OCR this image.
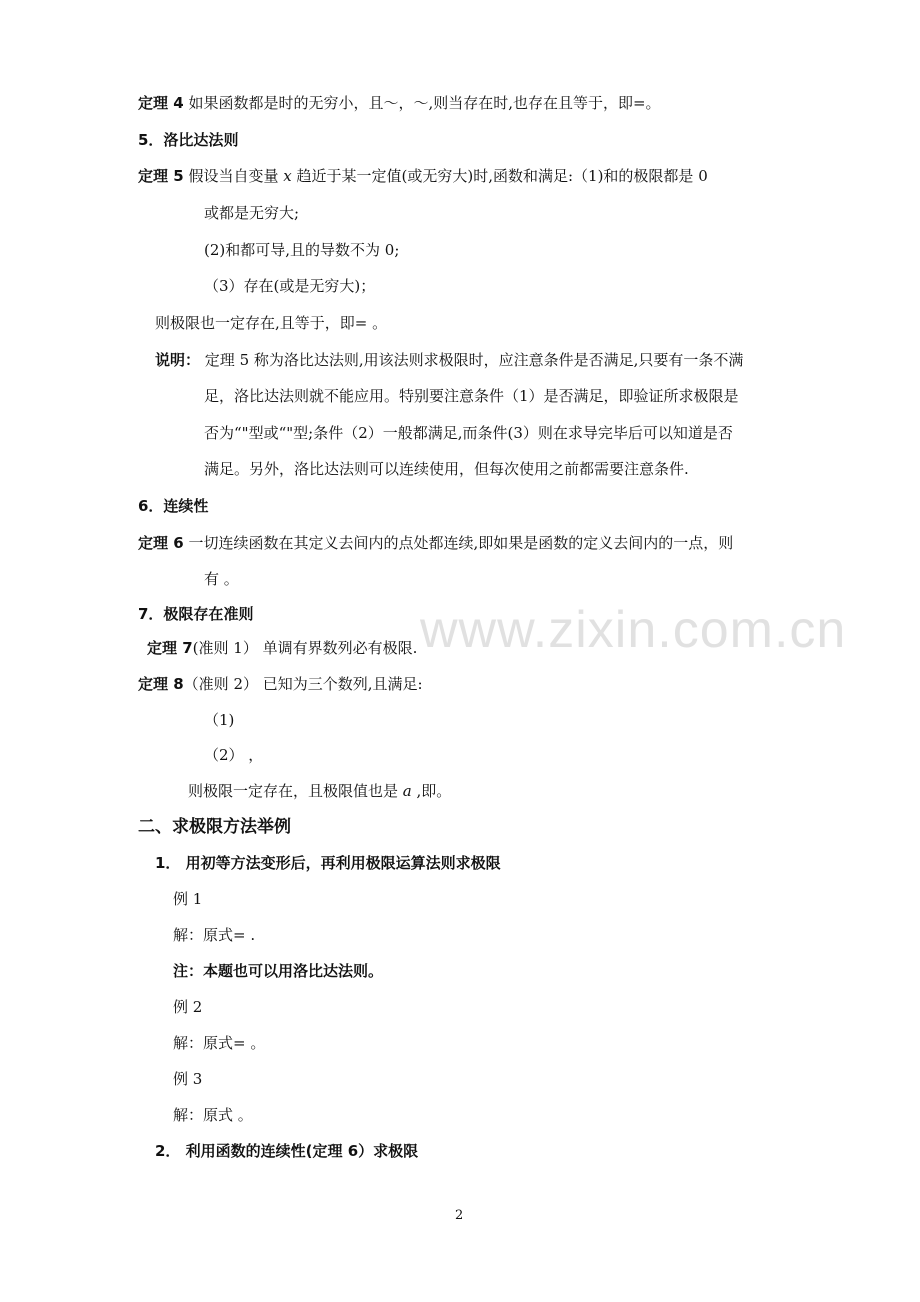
www.zixin.com.cn
定理 4 如果函数都是时的无穷小，且～，～,则当存在时,也存在且等于，即=。
5．洛比达法则
定理 5 假设当自变量 x 趋近于某一定值(或无穷大)时,函数和满足:（1)和的极限都是 0
或都是无穷大;
(2)和都可导,且的导数不为 0;
（3）存在(或是无穷大)；
则极限也一定存在,且等于，即= 。
说明： 定理 5 称为洛比达法则,用该法则求极限时，应注意条件是否满足,只要有一条不满
足，洛比达法则就不能应用。特别要注意条件（1）是否满足，即验证所求极限是
否为“"型或“"型;条件（2）一般都满足,而条件(3）则在求导完毕后可以知道是否
满足。另外，洛比达法则可以连续使用，但每次使用之前都需要注意条件.
6．连续性
定理 6 一切连续函数在其定义去间内的点处都连续,即如果是函数的定义去间内的一点，则
有 。
7．极限存在准则
定理 7(准则 1） 单调有界数列必有极限.
定理 8（准则 2） 已知为三个数列,且满足:
（1)
（2） ，
则极限一定存在，且极限值也是 a ,即。
二、求极限方法举例
1． 用初等方法变形后，再利用极限运算法则求极限
例 1
解：原式= .
注：本题也可以用洛比达法则。
例 2
解：原式= 。
例 3
解：原式 。
2． 利用函数的连续性(定理 6）求极限
2
